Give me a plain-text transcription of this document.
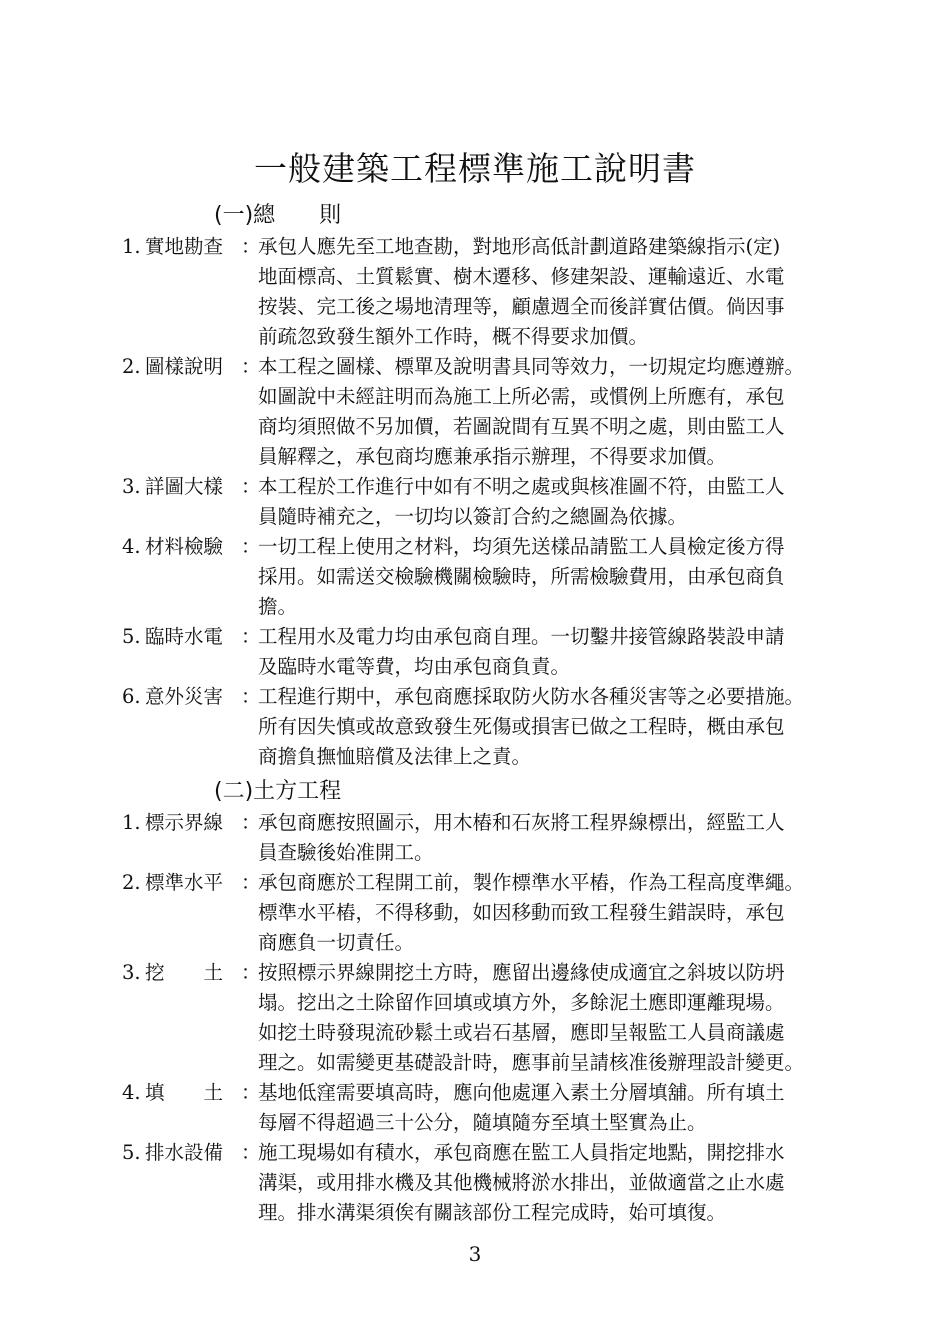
一般建築工程標準施工說明書
(一)總　　則
1. 實地勘查 ：
承包人應先至工地查勘，對地形高低計劃道路建築線指示(定)
地面標高、土質鬆實、樹木遷移、修建架設、運輸遠近、水電
按裝、完工後之場地清理等，顧慮週全而後詳實估價。倘因事
前疏忽致發生額外工作時，概不得要求加價。
2. 圖樣說明 ：
本工程之圖樣、標單及說明書具同等效力，一切規定均應遵辦。
如圖說中未經註明而為施工上所必需，或慣例上所應有，承包
商均須照做不另加價，若圖說間有互異不明之處，則由監工人
員解釋之，承包商均應兼承指示辦理，不得要求加價。
3. 詳圖大樣 ：
本工程於工作進行中如有不明之處或與核准圖不符，由監工人
員隨時補充之，一切均以簽訂合約之總圖為依據。
4. 材料檢驗 ：
一切工程上使用之材料，均須先送樣品請監工人員檢定後方得
採用。如需送交檢驗機關檢驗時，所需檢驗費用，由承包商負
擔。
5. 臨時水電 ：
工程用水及電力均由承包商自理。一切鑿井接管線路裝設申請
及臨時水電等費，均由承包商負責。
6. 意外災害 ：
工程進行期中，承包商應採取防火防水各種災害等之必要措施。
所有因失慎或故意致發生死傷或損害已做之工程時，概由承包
商擔負撫恤賠償及法律上之責。
(二)土方工程
1. 標示界線 ：
承包商應按照圖示，用木樁和石灰將工程界線標出，經監工人
員查驗後始准開工。
2. 標準水平 ：
承包商應於工程開工前，製作標準水平樁，作為工程高度準繩。
標準水平樁，不得移動，如因移動而致工程發生錯誤時，承包
商應負一切責任。
3. 挖　　土 ：
按照標示界線開挖土方時，應留出邊緣使成適宜之斜坡以防坍
塌。挖出之土除留作回填或填方外，多餘泥土應即運離現場。
如挖土時發現流砂鬆土或岩石基層，應即呈報監工人員商議處
理之。如需變更基礎設計時，應事前呈請核准後辦理設計變更。
4. 填　　土 ：
基地低窪需要填高時，應向他處運入素土分層填舖。所有填土
每層不得超過三十公分，隨填隨夯至填土堅實為止。
5. 排水設備 ：
施工現場如有積水，承包商應在監工人員指定地點，開挖排水
溝渠，或用排水機及其他機械將淤水排出，並做適當之止水處
理。排水溝渠須俟有關該部份工程完成時，始可填復。
3
